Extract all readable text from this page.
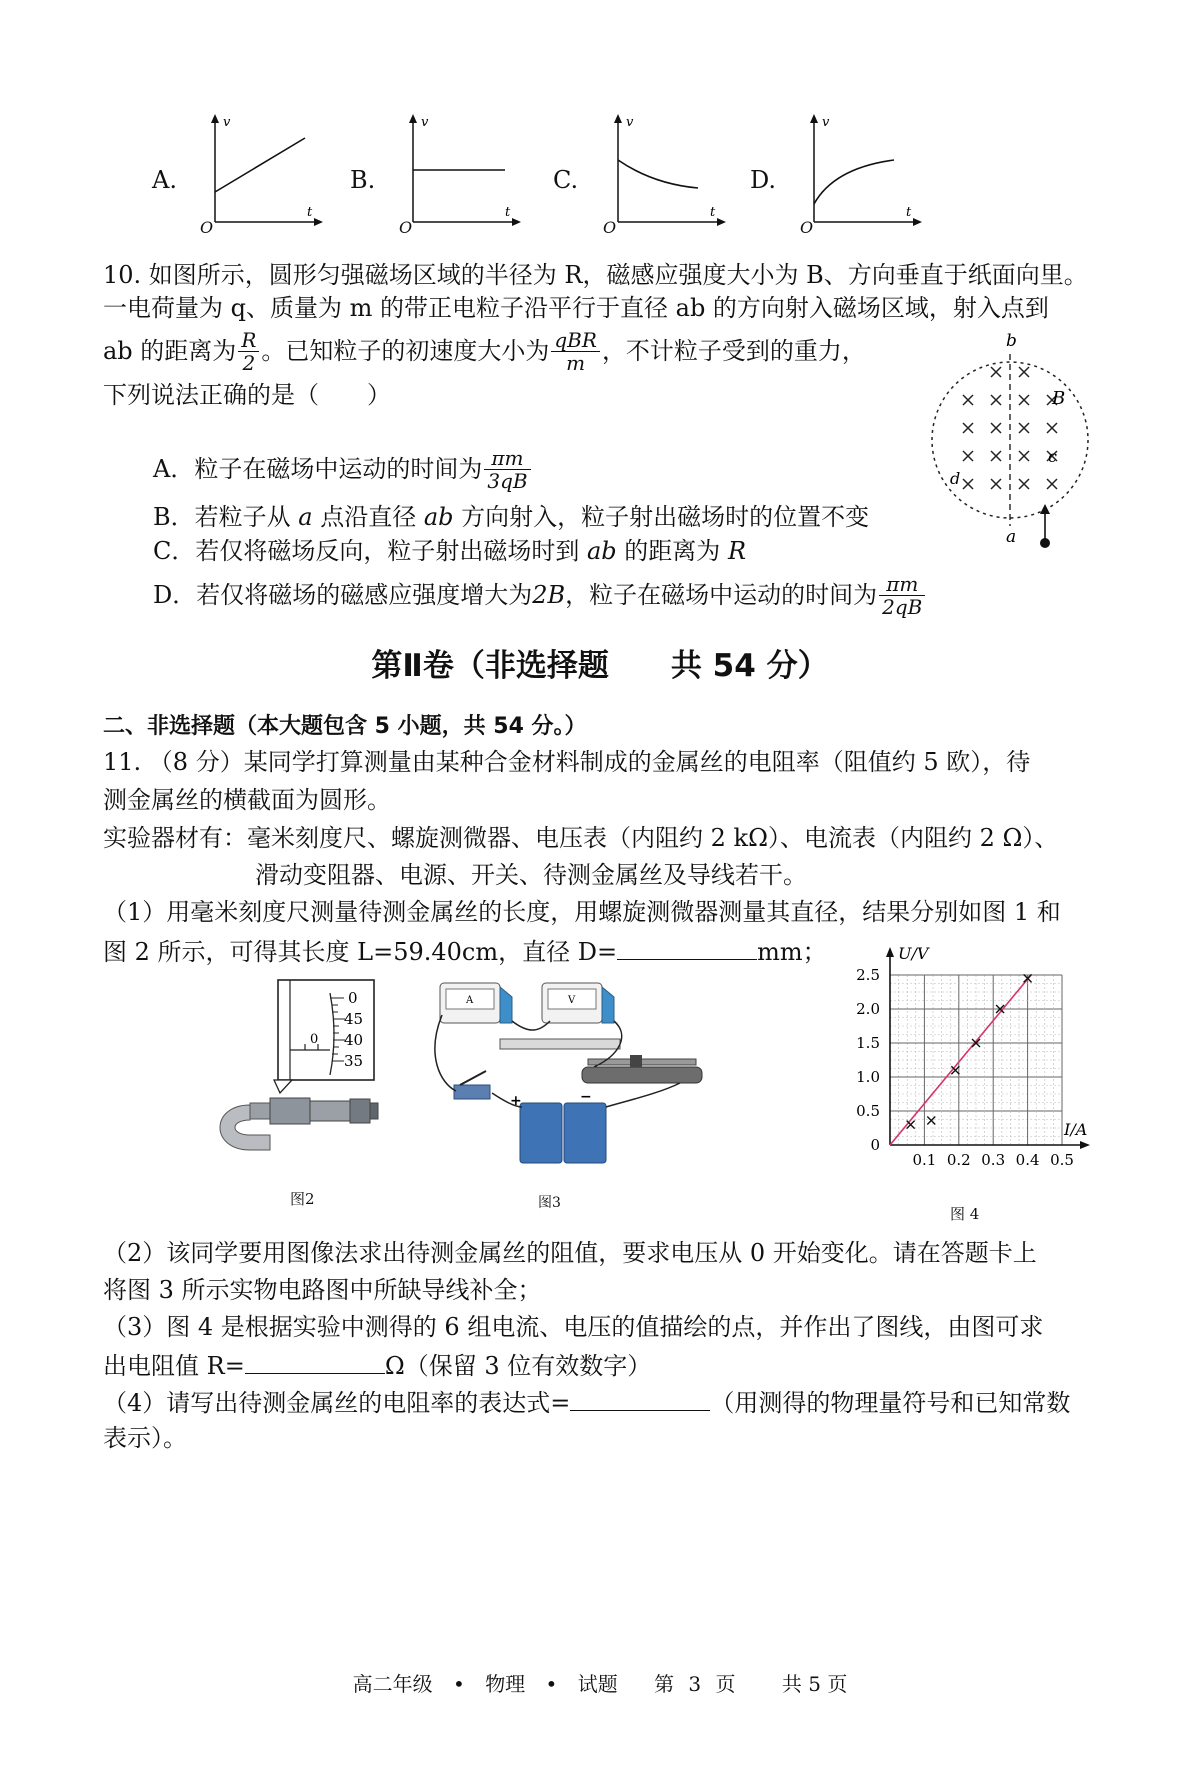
A.
v
t
O
B.
v
t
O
C.
v
t
O
D.
v
t
O
10. 如图所示，圆形匀强磁场区域的半径为 R，磁感应强度大小为 B、方向垂直于纸面向里。
一电荷量为 q、质量为 m 的带正电粒子沿平行于直径 ab 的方向射入磁场区域，射入点到
ab 的距离为 $\frac{R}{2}$ 。已知粒子的初速度大小为 $\frac{\text{qBR}}{m}$ ，不计粒子受到的重力，
下列说法正确的是（　　）
A．粒子在磁场中运动的时间为 $\frac{\pi m}{3qB}$
B．若粒子从 a 点沿直径 ab 方向射入，粒子射出磁场时的位置不变
C．若仅将磁场反向，粒子射出磁场时到 ab 的距离为 R
D．若仅将磁场的磁感应强度增大为 2B ，粒子在磁场中运动的时间为 $\frac{\pi m}{2qB}$
b
a
c
d
B
第Ⅱ卷（非选择题　　共 54 分）
二、非选择题（本大题包含 5 小题，共 54 分。）
11. （8 分）某同学打算测量由某种合金材料制成的金属丝的电阻率（阻值约 5 欧），待
测金属丝的横截面为圆形。
实验器材有：毫米刻度尺、螺旋测微器、电压表（内阻约 2 kΩ）、电流表（内阻约 2 Ω）、
滑动变阻器、电源、开关、待测金属丝及导线若干。
（1）用毫米刻度尺测量待测金属丝的长度，用螺旋测微器测量其直径，结果分别如图 1 和
图 2 所示，可得其长度 L=59.40cm，直径 D=	mm；
0
45
40
35
0
图2
A	V
+	−
图3
U/V
I/A
0
0.5
1.0
1.5
2.0
2.5
0.1 0.2 0.3 0.4 0.5
图 4
（2）该同学要用图像法求出待测金属丝的阻值，要求电压从 0 开始变化。请在答题卡上
将图 3 所示实物电路图中所缺导线补全；
（3）图 4 是根据实验中测得的 6 组电流、电压的值描绘的点，并作出了图线，由图可求
出电阻值 R=	Ω（保留 3 位有效数字）
（4）请写出待测金属丝的电阻率的表达式=	（用测得的物理量符号和已知常数
表示）。
高二年级 • 物理 • 试题 第 3 页 共 5 页
